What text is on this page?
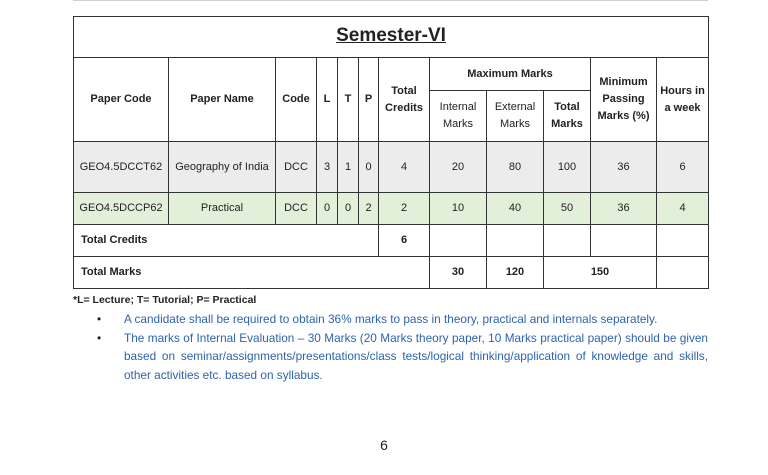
Semester-VI											
Paper Code	Paper Name	Code	L	T	P	Total Credits	Maximum Marks			Minimum Passing Marks (%)	Hours in a week
							Internal Marks	External Marks	Total Marks		
GEO4.5DCCT62	Geography of India	DCC	3	1	0	4	20	80	100	36	6
GEO4.5DCCP62	Practical	DCC	0	0	2	2	10	40	50	36	4
Total Credits						6					
Total Marks							30	120	150		
*L= Lecture; T= Tutorial; P= Practical
• A candidate shall be required to obtain 36% marks to pass in theory, practical and internals separately.
• The marks of Internal Evaluation – 30 Marks (20 Marks theory paper, 10 Marks practical paper) should be given based on seminar/assignments/presentations/class tests/logical thinking/application of knowledge and skills, other activities etc. based on syllabus.
6
